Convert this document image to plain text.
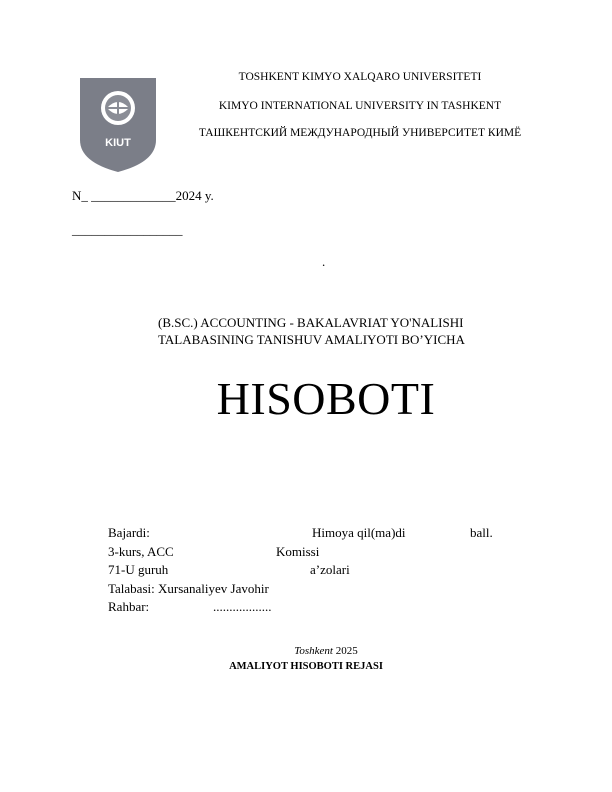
KIUT
TOSHKENT KIMYO XALQARO UNIVERSITETI
KIMYO INTERNATIONAL UNIVERSITY IN TASHKENT
ТАШКЕНТСКИЙ МЕЖДУНАРОДНЫЙ УНИВЕРСИТЕТ КИМЁ
N_ _____________2024 y.
_________________
.
(B.SC.) ACCOUNTING - BAKALAVRIAT YO'NALISHI
TALABASINING TANISHUV AMALIYOTI BO’YICHA
HISOBOTI
Bajardi:	Himoya qil(ma)di	ball.
3-kurs, ACC	Komissi
71-U guruh	a’zolari
Talabasi: Xursanaliyev Javohir
Rahbar:	..................
Toshkent 2025
AMALIYOT HISOBOTI REJASI
